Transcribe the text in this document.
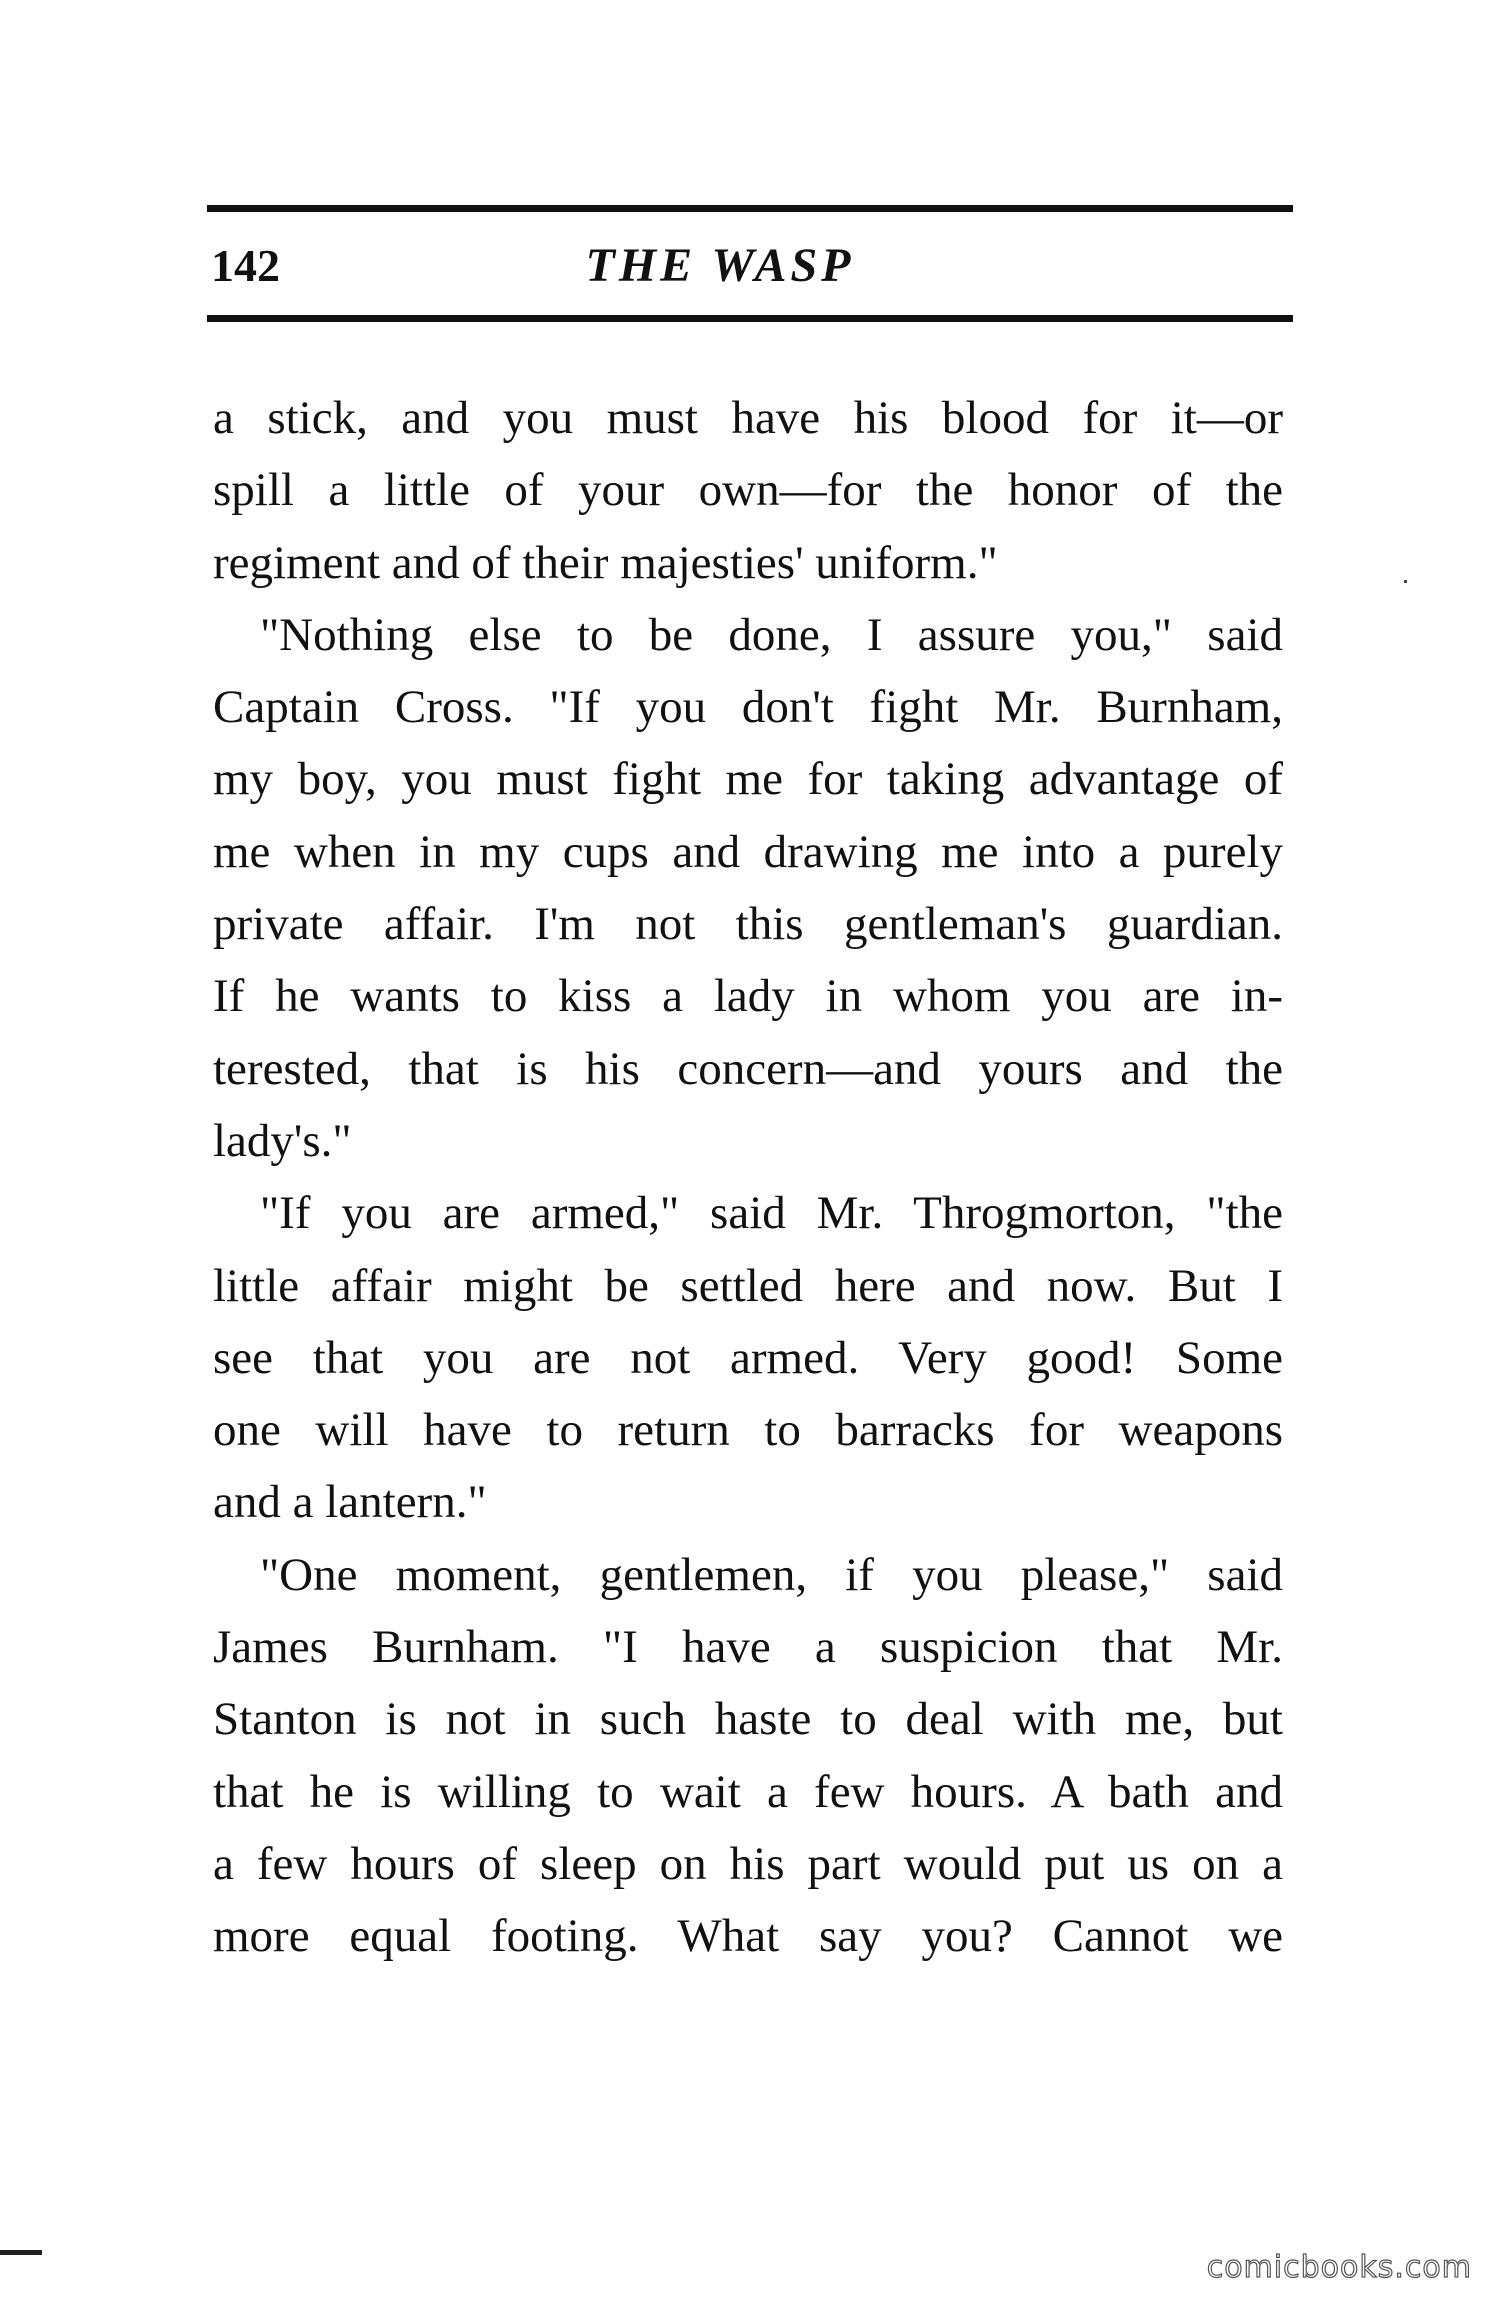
142	THE WASP
a stick, and you must have his blood for it—or
spill a little of your own—for the honor of the
regiment and of their majesties' uniform."
"Nothing else to be done, I assure you," said
Captain Cross. "If you don't fight Mr. Burnham,
my boy, you must fight me for taking advantage of
me when in my cups and drawing me into a purely
private affair. I'm not this gentleman's guardian.
If he wants to kiss a lady in whom you are in-
terested, that is his concern—and yours and the
lady's."
"If you are armed," said Mr. Throgmorton, "the
little affair might be settled here and now. But I
see that you are not armed. Very good! Some
one will have to return to barracks for weapons
and a lantern."
"One moment, gentlemen, if you please," said
James Burnham. "I have a suspicion that Mr.
Stanton is not in such haste to deal with me, but
that he is willing to wait a few hours. A bath and
a few hours of sleep on his part would put us on a
more equal footing. What say you? Cannot we
comicbooks.com
